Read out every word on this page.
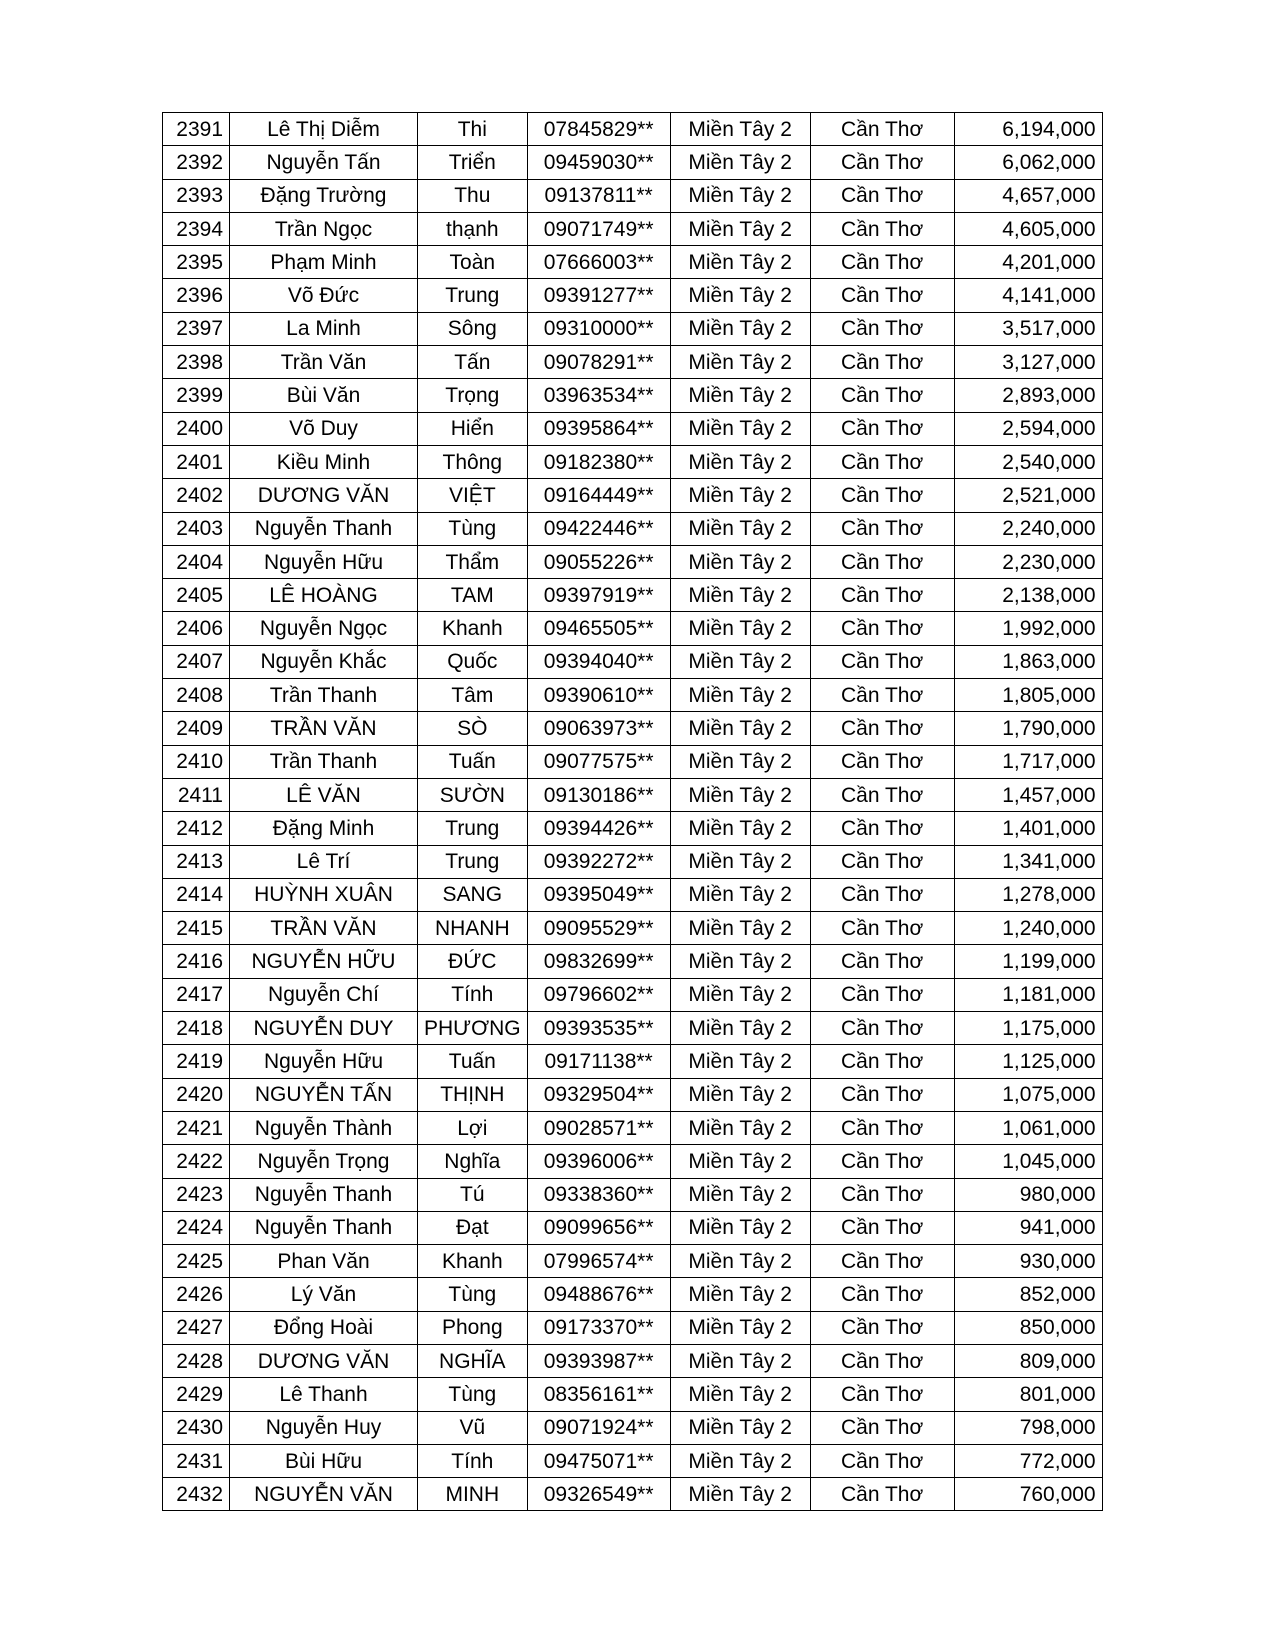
2391	Lê Thị Diễm	Thi	07845829**	Miền Tây 2	Cần Thơ	6,194,000
2392	Nguyễn Tấn	Triển	09459030**	Miền Tây 2	Cần Thơ	6,062,000
2393	Đặng Trường	Thu	09137811**	Miền Tây 2	Cần Thơ	4,657,000
2394	Trần Ngọc	thạnh	09071749**	Miền Tây 2	Cần Thơ	4,605,000
2395	Phạm Minh	Toàn	07666003**	Miền Tây 2	Cần Thơ	4,201,000
2396	Võ Đức	Trung	09391277**	Miền Tây 2	Cần Thơ	4,141,000
2397	La Minh	Sông	09310000**	Miền Tây 2	Cần Thơ	3,517,000
2398	Trần Văn	Tấn	09078291**	Miền Tây 2	Cần Thơ	3,127,000
2399	Bùi Văn	Trọng	03963534**	Miền Tây 2	Cần Thơ	2,893,000
2400	Võ Duy	Hiển	09395864**	Miền Tây 2	Cần Thơ	2,594,000
2401	Kiều Minh	Thông	09182380**	Miền Tây 2	Cần Thơ	2,540,000
2402	DƯƠNG VĂN	VIỆT	09164449**	Miền Tây 2	Cần Thơ	2,521,000
2403	Nguyễn Thanh	Tùng	09422446**	Miền Tây 2	Cần Thơ	2,240,000
2404	Nguyễn Hữu	Thẩm	09055226**	Miền Tây 2	Cần Thơ	2,230,000
2405	LÊ HOÀNG	TAM	09397919**	Miền Tây 2	Cần Thơ	2,138,000
2406	Nguyễn Ngọc	Khanh	09465505**	Miền Tây 2	Cần Thơ	1,992,000
2407	Nguyễn Khắc	Quốc	09394040**	Miền Tây 2	Cần Thơ	1,863,000
2408	Trần Thanh	Tâm	09390610**	Miền Tây 2	Cần Thơ	1,805,000
2409	TRẦN VĂN	SÒ	09063973**	Miền Tây 2	Cần Thơ	1,790,000
2410	Trần Thanh	Tuấn	09077575**	Miền Tây 2	Cần Thơ	1,717,000
2411	LÊ VĂN	SƯỜN	09130186**	Miền Tây 2	Cần Thơ	1,457,000
2412	Đặng Minh	Trung	09394426**	Miền Tây 2	Cần Thơ	1,401,000
2413	Lê Trí	Trung	09392272**	Miền Tây 2	Cần Thơ	1,341,000
2414	HUỲNH XUÂN	SANG	09395049**	Miền Tây 2	Cần Thơ	1,278,000
2415	TRẦN VĂN	NHANH	09095529**	Miền Tây 2	Cần Thơ	1,240,000
2416	NGUYỄN HỮU	ĐỨC	09832699**	Miền Tây 2	Cần Thơ	1,199,000
2417	Nguyễn Chí	Tính	09796602**	Miền Tây 2	Cần Thơ	1,181,000
2418	NGUYỄN DUY	PHƯƠNG	09393535**	Miền Tây 2	Cần Thơ	1,175,000
2419	Nguyễn Hữu	Tuấn	09171138**	Miền Tây 2	Cần Thơ	1,125,000
2420	NGUYỄN TẤN	THỊNH	09329504**	Miền Tây 2	Cần Thơ	1,075,000
2421	Nguyễn Thành	Lợi	09028571**	Miền Tây 2	Cần Thơ	1,061,000
2422	Nguyễn Trọng	Nghĩa	09396006**	Miền Tây 2	Cần Thơ	1,045,000
2423	Nguyễn Thanh	Tú	09338360**	Miền Tây 2	Cần Thơ	980,000
2424	Nguyễn Thanh	Đạt	09099656**	Miền Tây 2	Cần Thơ	941,000
2425	Phan Văn	Khanh	07996574**	Miền Tây 2	Cần Thơ	930,000
2426	Lý Văn	Tùng	09488676**	Miền Tây 2	Cần Thơ	852,000
2427	Đổng Hoài	Phong	09173370**	Miền Tây 2	Cần Thơ	850,000
2428	DƯƠNG VĂN	NGHĨA	09393987**	Miền Tây 2	Cần Thơ	809,000
2429	Lê Thanh	Tùng	08356161**	Miền Tây 2	Cần Thơ	801,000
2430	Nguyễn Huy	Vũ	09071924**	Miền Tây 2	Cần Thơ	798,000
2431	Bùi Hữu	Tính	09475071**	Miền Tây 2	Cần Thơ	772,000
2432	NGUYỄN VĂN	MINH	09326549**	Miền Tây 2	Cần Thơ	760,000
